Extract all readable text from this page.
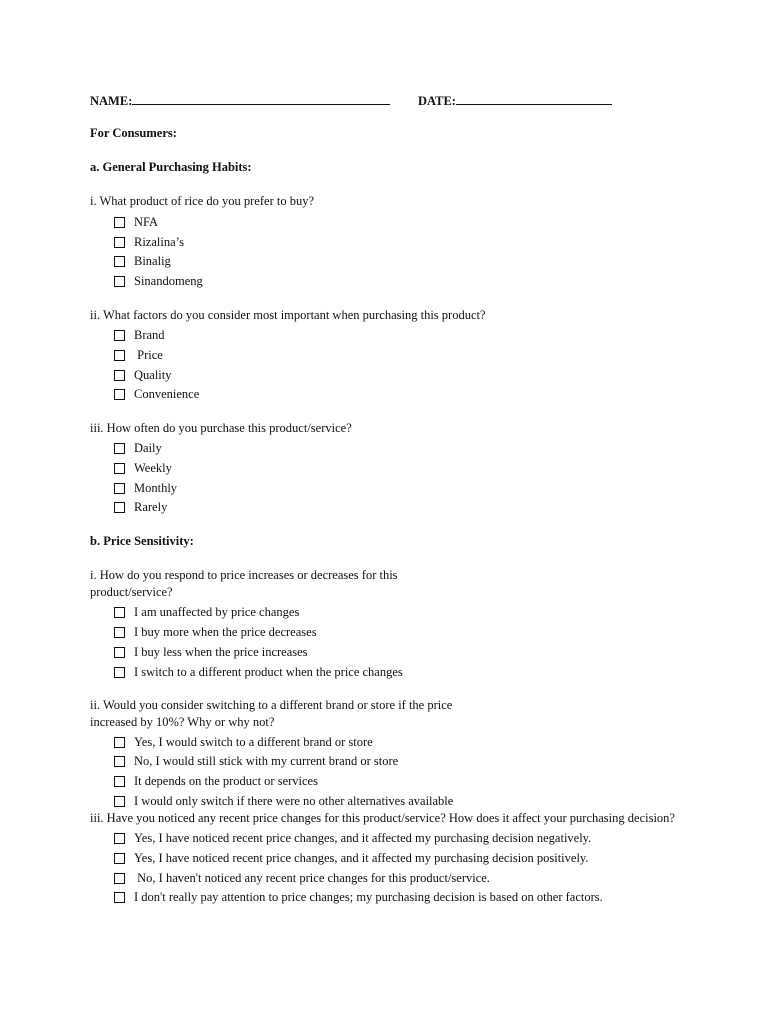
NAME:	DATE:
For Consumers:
a. General Purchasing Habits:
i. What product of rice do you prefer to buy?
NFA
Rizalina’s
Binalig
Sinandomeng
ii. What factors do you consider most important when purchasing this product?
Brand
Price
Quality
Convenience
iii. How often do you purchase this product/service?
Daily
Weekly
Monthly
Rarely
b. Price Sensitivity:
i. How do you respond to price increases or decreases for this
product/service?
I am unaffected by price changes
I buy more when the price decreases
I buy less when the price increases
I switch to a different product when the price changes
ii. Would you consider switching to a different brand or store if the price
increased by 10%? Why or why not?
Yes, I would switch to a different brand or store
No, I would still stick with my current brand or store
It depends on the product or services
I would only switch if there were no other alternatives available
iii. Have you noticed any recent price changes for this product/service? How does it affect your purchasing decision?
Yes, I have noticed recent price changes, and it affected my purchasing decision negatively.
Yes, I have noticed recent price changes, and it affected my purchasing decision positively.
No, I haven't noticed any recent price changes for this product/service.
I don't really pay attention to price changes; my purchasing decision is based on other factors.
